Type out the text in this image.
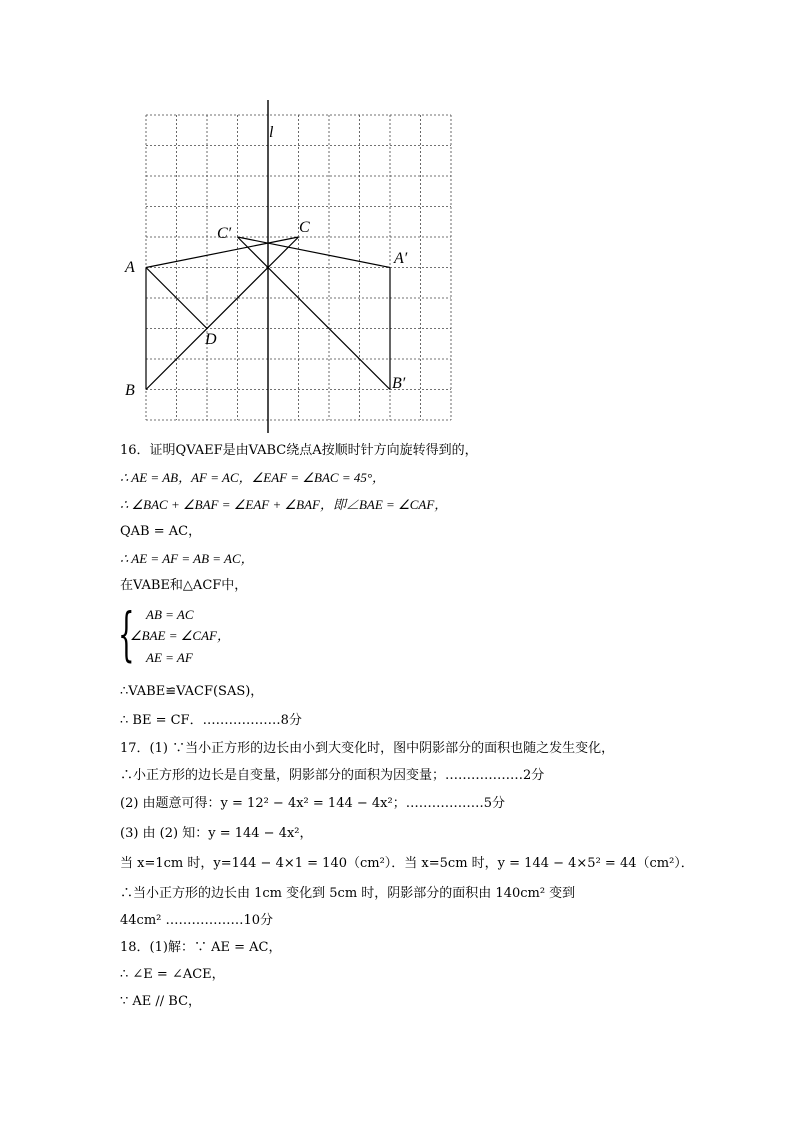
l
A
B
C′	C
D
A′
B′
16．证明QVAEF是由VABC绕点A按顺时针方向旋转得到的，
∴ AE = AB，AF = AC，∠EAF = ∠BAC = 45°，
∴ ∠BAC + ∠BAF = ∠EAF + ∠BAF，即∠BAE = ∠CAF，
QAB = AC，
∴ AE = AF = AB = AC，
在VABE和△ACF中，
{ AB = AC
∠BAE = ∠CAF，
AE = AF
∴VABE≌VACF(SAS)，
∴ BE = CF．………………8分
17．(1) ∵当小正方形的边长由小到大变化时，图中阴影部分的面积也随之发生变化，
∴小正方形的边长是自变量，阴影部分的面积为因变量；………………2分
(2) 由题意可得：y = 12² − 4x² = 144 − 4x²；………………5分
(3) 由 (2) 知：y = 144 − 4x²，
当 x=1cm 时，y=144 − 4×1 = 140（cm²）．当 x=5cm 时，y = 144 − 4×5² = 44（cm²）．
∴当小正方形的边长由 1cm 变化到 5cm 时，阴影部分的面积由 140cm² 变到
44cm² ………………10分
18．(1)解：∵ AE = AC，
∴ ∠E = ∠ACE，
∵ AE // BC，
